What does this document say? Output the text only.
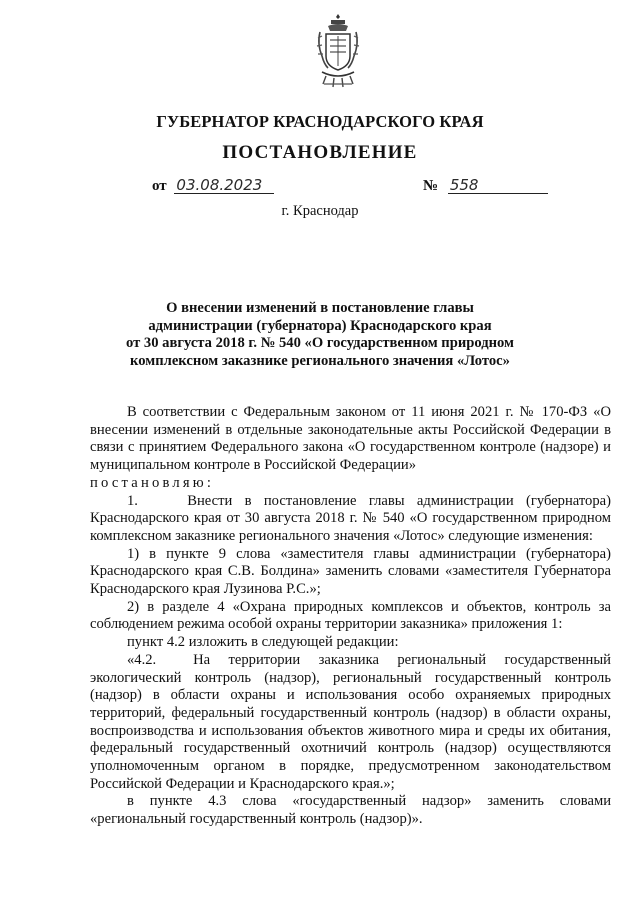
ГУБЕРНАТОР КРАСНОДАРСКОГО КРАЯ
ПОСТАНОВЛЕНИЕ
от 03.08.2023	№ 558
г. Краснодар
О внесении изменений в постановление главы
администрации (губернатора) Краснодарского края
от 30 августа 2018 г. № 540 «О государственном природном
комплексном заказнике регионального значения «Лотос»

В соответствии с Федеральным законом от 11 июня 2021 г. № 170-ФЗ «О внесении изменений в отдельные законодательные акты Российской Федерации в связи с принятием Федерального закона «О государственном контроле (надзоре) и муниципальном контроле в Российской Федерации»

постановляю:

1.    Внести в постановление главы администрации (губернатора) Краснодарского края от 30 августа 2018 г. № 540 «О государственном природном комплексном заказнике регионального значения «Лотос» следующие изменения:

1) в пункте 9 слова «заместителя главы администрации (губернатора) Краснодарского края С.В. Болдина» заменить словами «заместителя Губернатора Краснодарского края Лузинова Р.С.»;

2) в разделе 4 «Охрана природных комплексов и объектов, контроль за соблюдением режима особой охраны территории заказника» приложения 1:

пункт 4.2 изложить в следующей редакции:

«4.2.  На территории заказника региональный государственный экологический контроль (надзор), региональный государственный контроль (надзор) в области охраны и использования особо охраняемых природных территорий, федеральный государственный контроль (надзор) в области охраны, воспроизводства и использования объектов животного мира и среды их обитания, федеральный государственный охотничий контроль (надзор) осуществляются уполномоченным органом в порядке, предусмотренном законодательством Российской Федерации и Краснодарского края.»;

в пункте 4.3 слова «государственный надзор» заменить словами «региональный государственный контроль (надзор)».
